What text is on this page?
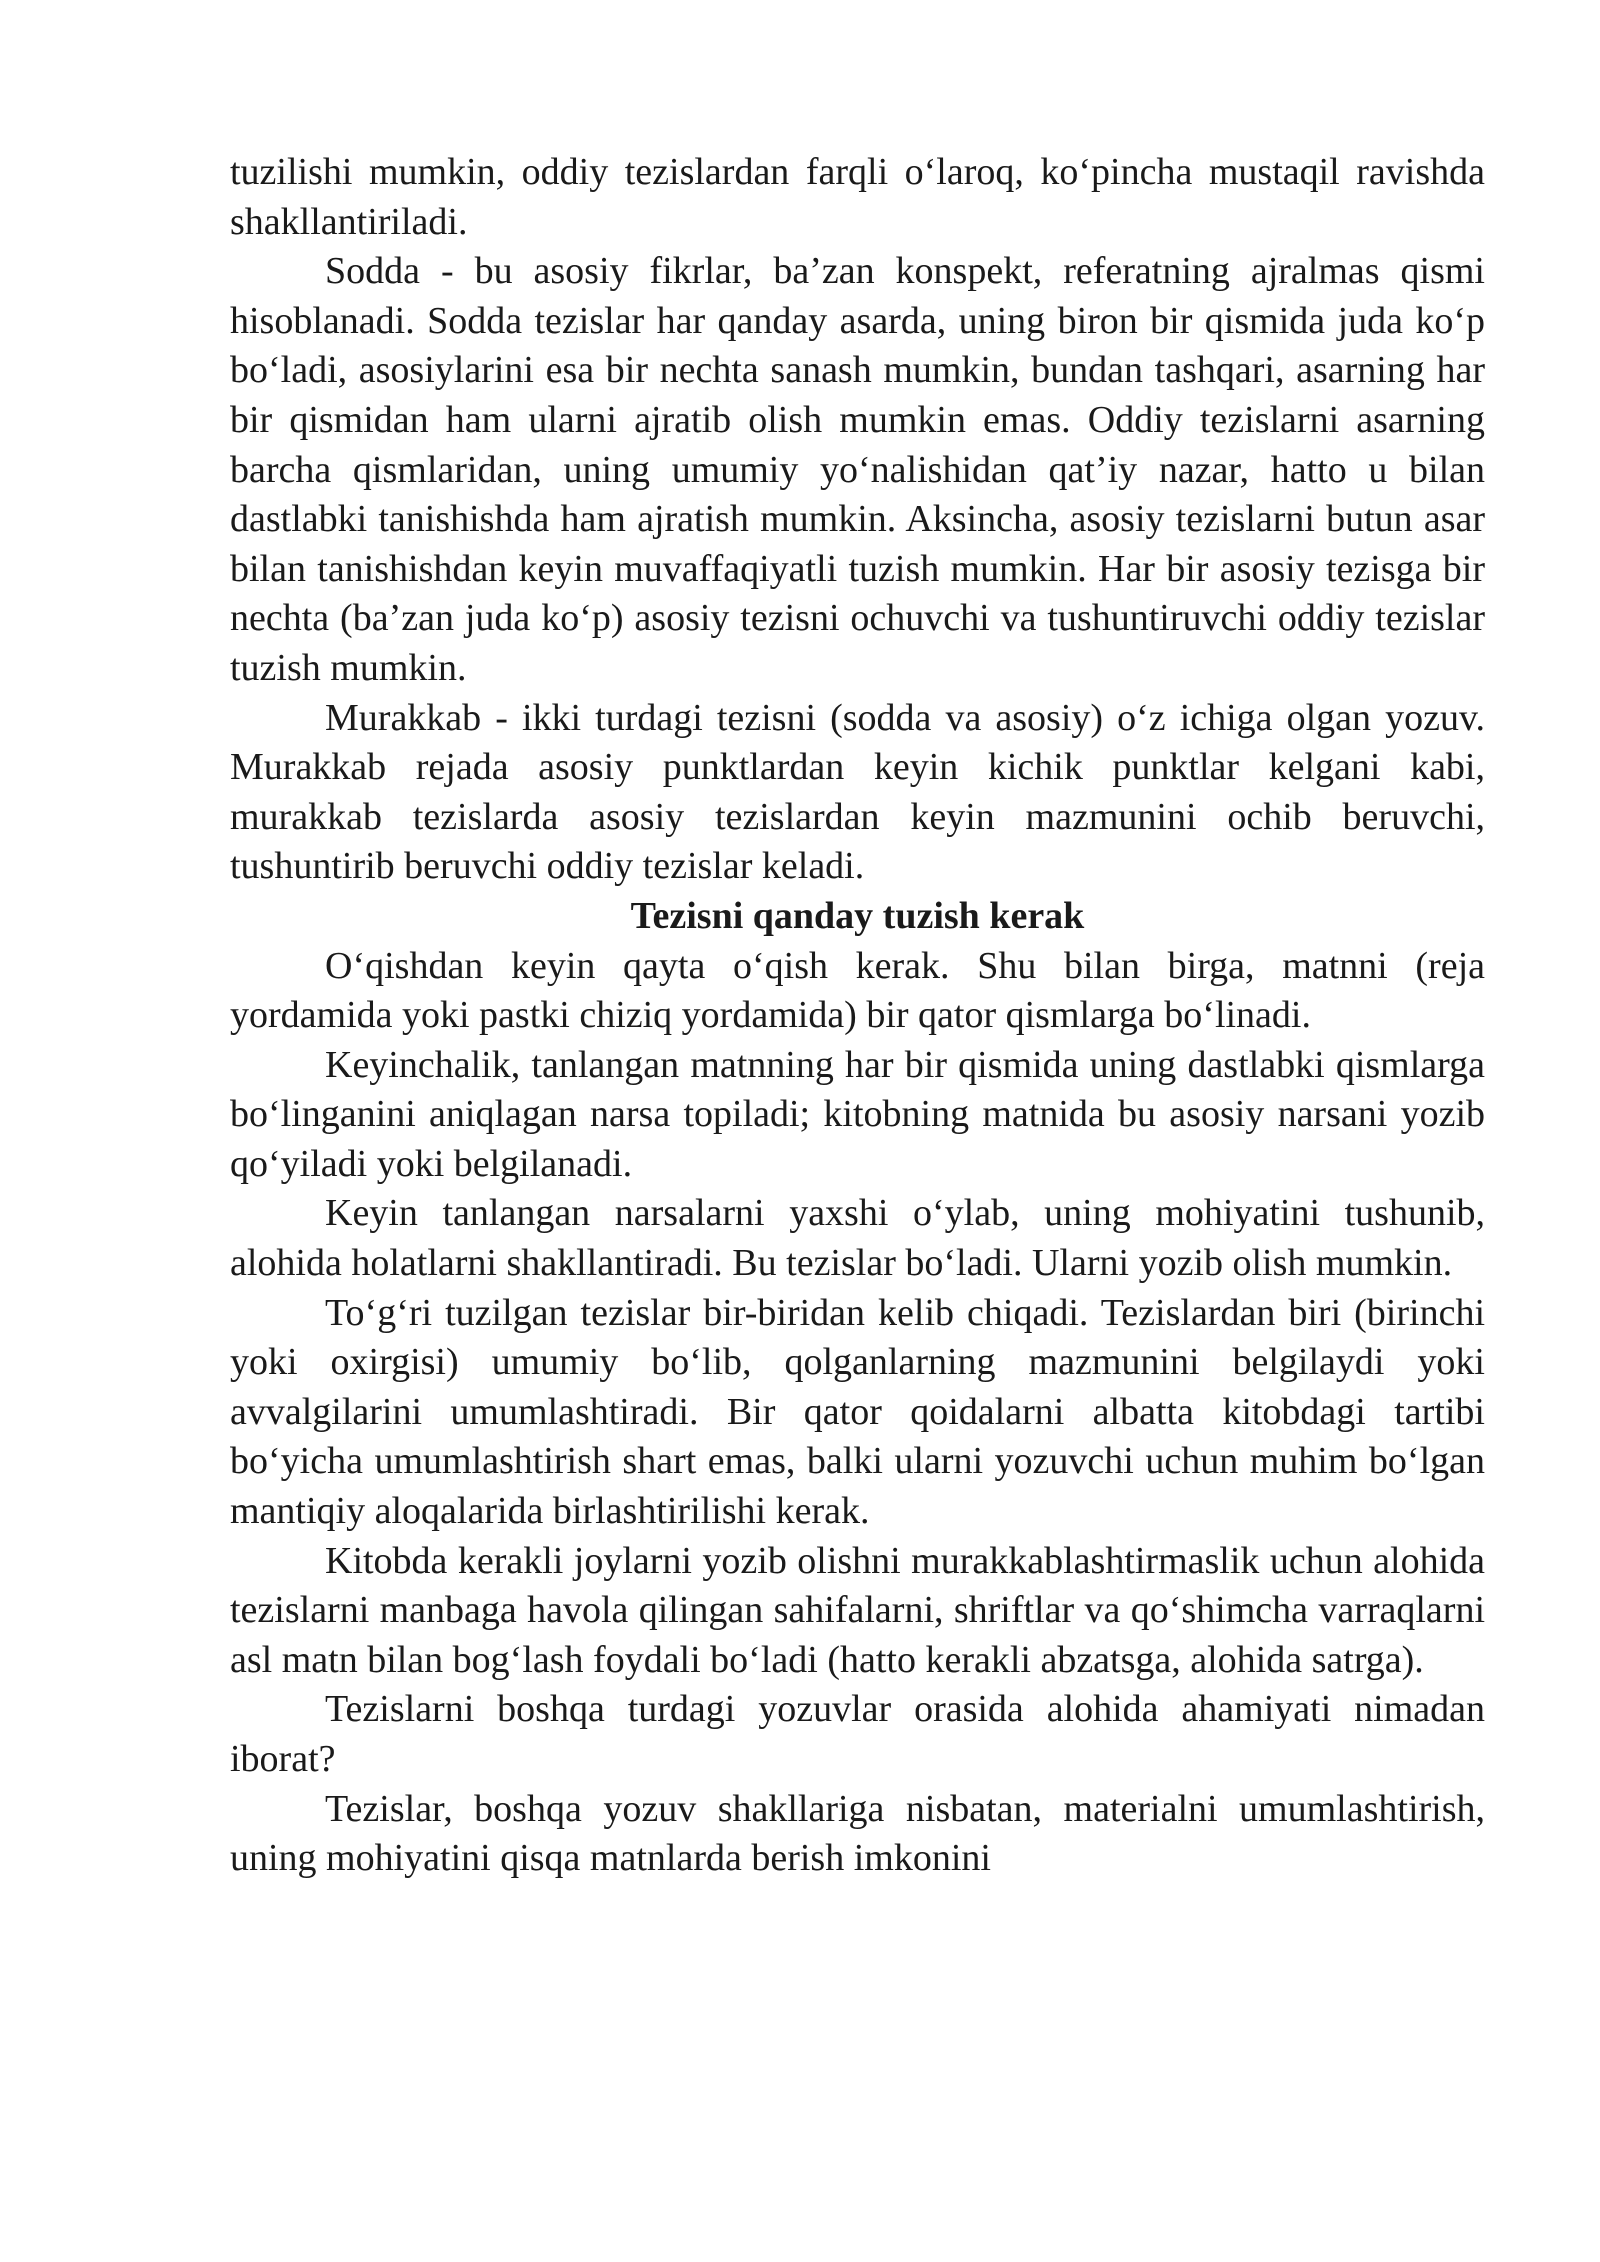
tuzilishi mumkin, oddiy tezislardan farqli o‘laroq, ko‘pincha mustaqil ravishda shakllantiriladi.

Sodda - bu asosiy fikrlar, ba’zan konspekt, referatning ajralmas qismi hisoblanadi. Sodda tezislar har qanday asarda, uning biron bir qismida juda ko‘p bo‘ladi, asosiylarini esa bir nechta sanash mumkin, bundan tashqari, asarning har bir qismidan ham ularni ajratib olish mumkin emas. Oddiy tezislarni asarning barcha qismlaridan, uning umumiy yo‘nalishidan qat’iy nazar, hatto u bilan dastlabki tanishishda ham ajratish mumkin. Aksincha, asosiy tezislarni butun asar bilan tanishishdan keyin muvaffaqiyatli tuzish mumkin. Har bir asosiy tezisga bir nechta (ba’zan juda ko‘p) asosiy tezisni ochuvchi va tushuntiruvchi oddiy tezislar tuzish mumkin.

Murakkab - ikki turdagi tezisni (sodda va asosiy) o‘z ichiga olgan yozuv. Murakkab rejada asosiy punktlardan keyin kichik punktlar kelgani kabi, murakkab tezislarda asosiy tezislardan keyin mazmunini ochib beruvchi, tushuntirib beruvchi oddiy tezislar keladi.

Tezisni qanday tuzish kerak

O‘qishdan keyin qayta o‘qish kerak. Shu bilan birga, matnni (reja yordamida yoki pastki chiziq yordamida) bir qator qismlarga bo‘linadi.

Keyinchalik, tanlangan matnning har bir qismida uning dastlabki qismlarga bo‘linganini aniqlagan narsa topiladi; kitobning matnida bu asosiy narsani yozib qo‘yiladi yoki belgilanadi.

Keyin tanlangan narsalarni yaxshi o‘ylab, uning mohiyatini tushunib, alohida holatlarni shakllantiradi. Bu tezislar bo‘ladi. Ularni yozib olish mumkin.

To‘g‘ri tuzilgan tezislar bir-biridan kelib chiqadi. Tezislardan biri (birinchi yoki oxirgisi) umumiy bo‘lib, qolganlarning mazmunini belgilaydi yoki avvalgilarini umumlashtiradi. Bir qator qoidalarni albatta kitobdagi tartibi bo‘yicha umumlashtirish shart emas, balki ularni yozuvchi uchun muhim bo‘lgan mantiqiy aloqalarida birlashtirilishi kerak.

Kitobda kerakli joylarni yozib olishni murakkablashtirmaslik uchun alohida tezislarni manbaga havola qilingan sahifalarni, shriftlar va qo‘shimcha varraqlarni asl matn bilan bog‘lash foydali bo‘ladi (hatto kerakli abzatsga, alohida satrga).

Tezislarni boshqa turdagi yozuvlar orasida alohida ahamiyati nimadan iborat?

Tezislar, boshqa yozuv shakllariga nisbatan, materialni umumlashtirish, uning mohiyatini qisqa matnlarda berish imkonini
